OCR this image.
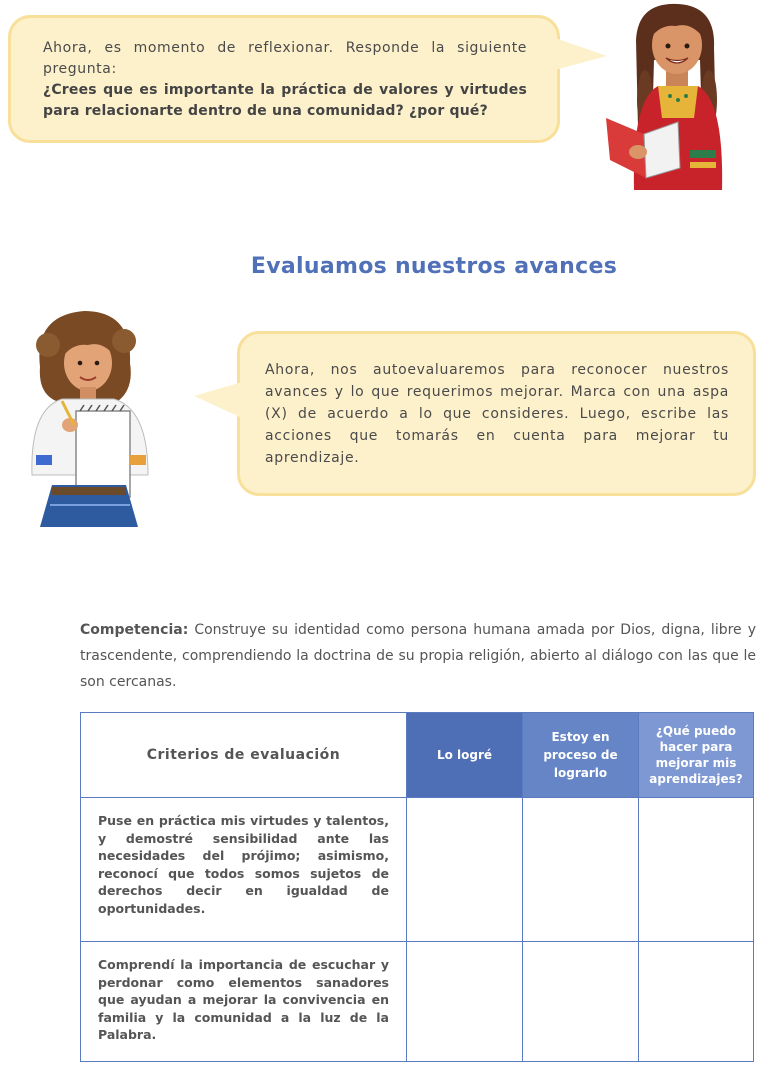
Ahora, es momento de reflexionar. Responde la siguiente pregunta:
¿Crees que es importante la práctica de valores y virtudes para relacionarte dentro de una comunidad? ¿por qué?
Evaluamos nuestros avances
Ahora, nos autoevaluaremos para reconocer nuestros avances y lo que requerimos mejorar. Marca con una aspa (X) de acuerdo a lo que consideres. Luego, escribe las acciones que tomarás en cuenta para mejorar tu aprendizaje.
Competencia: Construye su identidad como persona humana amada por Dios, digna, libre y trascendente, comprendiendo la doctrina de su propia religión, abierto al diálogo con las que le son cercanas.
Criterios de evaluación	Lo logré	Estoy en proceso de lograrlo	¿Qué puedo hacer para mejorar mis aprendizajes?
Puse en práctica mis virtudes y talentos, y demostré sensibilidad ante las necesidades del prójimo; asimismo, reconocí que todos somos sujetos de derechos decir en igualdad de oportunidades.			
Comprendí la importancia de escuchar y perdonar como elementos sanadores que ayudan a mejorar la convivencia en familia y la comunidad a la luz de la Palabra.			
